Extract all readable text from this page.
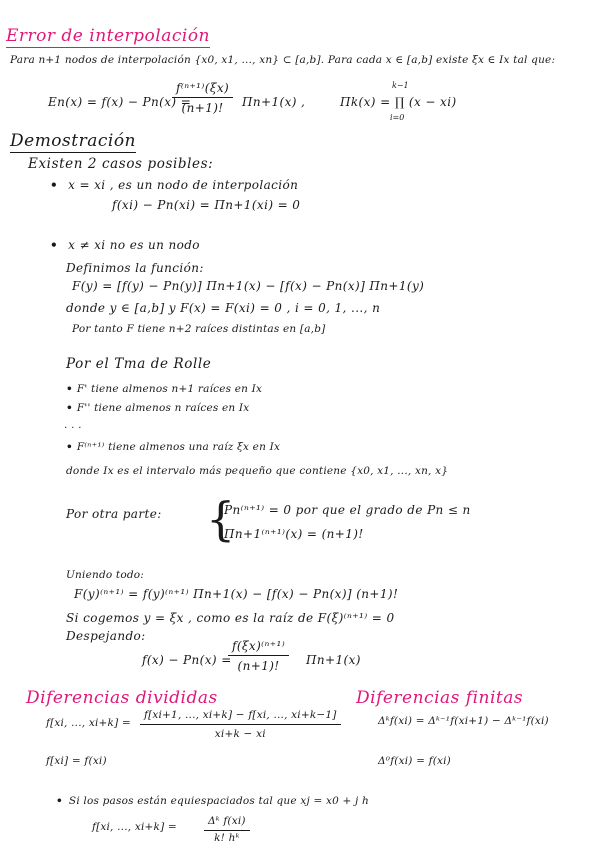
Error de interpolación
Para n+1 nodos de interpolación {x0, x1, ..., xn} ⊂ [a,b]. Para cada x ∈ [a,b] existe ξx ∈ Ix tal que:
En(x) = f(x) − Pn(x) =
$\frac{\text{f⁽ⁿ⁺¹⁾(ξx)}}{(n+1)!} \Pi n+1(x)$ ,	Πk(x) = ∏ (x − xi)
k−1
i=0
Demostración
Existen 2 casos posibles:
• x = xi , es un nodo de interpolación
f(xi) − Pn(xi) = Πn+1(xi) = 0
• x ≠ xi no es un nodo
Definimos la función:
F(y) = [f(y) − Pn(y)] Πn+1(x) − [f(x) − Pn(x)] Πn+1(y)
donde y ∈ [a,b] y F(x) = F(xi) = 0 , i = 0, 1, ..., n
Por tanto F tiene n+2 raíces distintas en [a,b]
Por el Tma de Rolle
• F' tiene almenos n+1 raíces en Ix
• F'' tiene almenos n raíces en Ix
. . .
• F⁽ⁿ⁺¹⁾ tiene almenos una raíz ξx en Ix
donde Ix es el intervalo más pequeño que contiene {x0, x1, ..., xn, x}
Por otra parte: {
Pn⁽ⁿ⁺¹⁾ = 0 por que el grado de Pn ≤ n
Πn+1⁽ⁿ⁺¹⁾(x) = (n+1)!
Uniendo todo:
F(y)⁽ⁿ⁺¹⁾ = f(y)⁽ⁿ⁺¹⁾ Πn+1(x) − [f(x) − Pn(x)] (n+1)!
Si cogemos y = ξx , como es la raíz de F(ξ)⁽ⁿ⁺¹⁾ = 0
Despejando:
f(x) − Pn(x) =
$\frac{\text{f(ξx)⁽ⁿ⁺¹⁾}}{(n+1)!} \Pi n+1(x)$
Diferencias divididas
f[xi, ..., $xi+k] = \frac{f[xi+1, ..., xi+k] - f[xi, ..., xi+k-1]}{xi+k - xi}$
f[xi] = f(xi)
Diferencias finitas
Δᵏf(xi) = Δᵏ⁻¹f(xi+1) − Δᵏ⁻¹f(xi)
Δ⁰f(xi) = f(xi)
• Si los pasos están equiespaciados tal que xj = x0 + j h
f[xi, ..., xi+k] =	$\frac{\text{Δᵏ f(xi)}}{\text{k! hᵏ}}$
